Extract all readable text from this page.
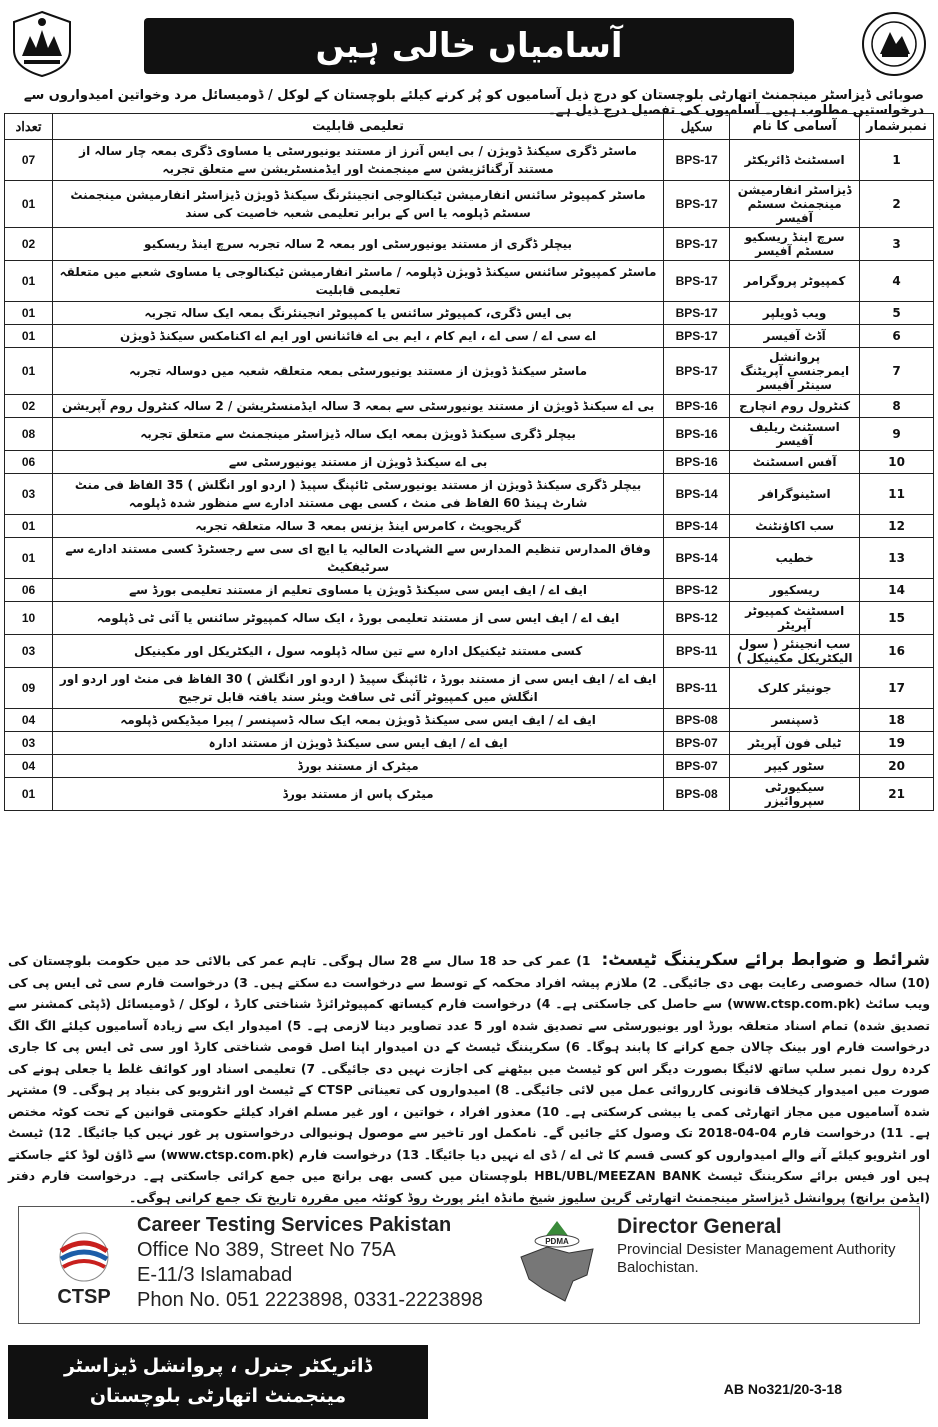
آسامیاں خالی ہیں
صوبائی ڈیزاسٹر مینجمنٹ اتھارٹی بلوچستان کو درج ذیل آسامیوں کو پُر کرنے کیلئے بلوچستان کے لوکل / ڈومیسائل مرد وخواتین امیدواروں سے درخواستیں مطلوب ہیں۔ آسامیوں کی تفصیل درج ذیل ہے۔
نمبرشمار	آسامی کا نام	سکیل	تعلیمی قابلیت	تعداد
1	اسسٹنٹ ڈائریکٹر	BPS-17	ماسٹر ڈگری سیکنڈ ڈویژن / بی ایس آنرز از مستند یونیورسٹی یا مساوی ڈگری بمعہ چار سالہ از مستند آرگنائزیشن سے مینجمنٹ اور ایڈمنسٹریشن سے متعلق تجربہ	07
2	ڈیزاسٹر انفارمیشن مینجمنٹ سسٹم آفیسر	BPS-17	ماسٹر کمپیوٹر سائنس انفارمیشن ٹیکنالوجی انجینئرنگ سیکنڈ ڈویژن ڈیزاسٹر انفارمیشن مینجمنٹ سسٹم ڈپلومہ یا اس کے برابر تعلیمی شعبہ خاصیت کی سند	01
3	سرچ اینڈ ریسکیو سسٹم آفیسر	BPS-17	بیچلر ڈگری از مستند یونیورسٹی اور بمعہ 2 سالہ تجربہ سرچ اینڈ ریسکیو	02
4	کمپیوٹر پروگرامر	BPS-17	ماسٹر کمپیوٹر سائنس سیکنڈ ڈویژن ڈپلومہ / ماسٹر انفارمیشن ٹیکنالوجی یا مساوی شعبے میں متعلقہ تعلیمی قابلیت	01
5	ویب ڈویلپر	BPS-17	بی ایس ڈگری، کمپیوٹر سائنس یا کمپیوٹر انجینئرنگ بمعہ ایک سالہ تجربہ	01
6	آڈٹ آفیسر	BPS-17	اے سی اے / سی اے ، ایم کام ، ایم بی اے فائنانس اور ایم اے اکنامکس سیکنڈ ڈویژن	01
7	پروانشل ایمرجنسی آپریٹنگ سینٹر آفیسر	BPS-17	ماسٹر سیکنڈ ڈویژن از مستند یونیورسٹی بمعہ متعلقہ شعبہ میں دوسالہ تجربہ	01
8	کنٹرول روم انچارج	BPS-16	بی اے سیکنڈ ڈویژن از مستند یونیورسٹی سے بمعہ 3 سالہ ایڈمنسٹریشن / 2 سالہ کنٹرول روم آپریشن	02
9	اسسٹنٹ ریلیف آفیسر	BPS-16	بیچلر ڈگری سیکنڈ ڈویژن بمعہ ایک سالہ ڈیزاسٹر مینجمنٹ سے متعلق تجربہ	08
10	آفس اسسٹنٹ	BPS-16	بی اے سیکنڈ ڈویژن از مستند یونیورسٹی سے	06
11	اسٹینوگرافر	BPS-14	بیچلر ڈگری سیکنڈ ڈویژن از مستند یونیورسٹی ٹائپنگ سپیڈ ( اردو اور انگلش ) 35 الفاظ فی منٹ شارٹ ہینڈ 60 الفاظ فی منٹ ، کسی بھی مستند ادارے سے منظور شدہ ڈپلومہ	03
12	سب اکاؤنٹنٹ	BPS-14	گریجویٹ ، کامرس اینڈ بزنس بمعہ 3 سالہ متعلقہ تجربہ	01
13	خطیب	BPS-14	وفاق المدارس تنظیم المدارس سے الشہادت العالیہ یا ایچ ای سی سے رجسٹرڈ کسی مستند ادارے سے سرٹیفکیٹ	01
14	ریسکیور	BPS-12	ایف اے / ایف ایس سی سیکنڈ ڈویژن یا مساوی تعلیم از مستند تعلیمی بورڈ سے	06
15	اسسٹنٹ کمپیوٹر آپریٹر	BPS-12	ایف اے / ایف ایس سی از مستند تعلیمی بورڈ ، ایک سالہ کمپیوٹر سائنس یا آئی ٹی ڈپلومہ	10
16	سب انجینئر ( سول الیکٹریکل مکینیکل )	BPS-11	کسی مستند ٹیکنیکل ادارہ سے تین سالہ ڈپلومہ سول ، الیکٹریکل اور مکینیکل	03
17	جونیئر کلرک	BPS-11	ایف اے / ایف ایس سی از مستند بورڈ ، ٹائپنگ سپیڈ ( اردو اور انگلش ) 30 الفاظ فی منٹ اور اردو اور انگلش میں کمپیوٹر آئی ٹی سافٹ ویئر سند یافتہ قابل ترجیح	09
18	ڈسپنسر	BPS-08	ایف اے / ایف ایس سی سیکنڈ ڈویژن بمعہ ایک سالہ ڈسپنسر / پیرا میڈیکس ڈپلومہ	04
19	ٹیلی فون آپریٹر	BPS-07	ایف اے / ایف ایس سی سیکنڈ ڈویژن از مستند ادارہ	03
20	سٹور کیپر	BPS-07	میٹرک از مستند بورڈ	04
21	سیکیورٹی سپروائیزر	BPS-08	میٹرک پاس از مستند بورڈ	01
شرائط و ضوابط برائے سکریننگ ٹیسٹ: 1) عمر کی حد 18 سال سے 28 سال ہوگی۔ تاہم عمر کی بالائی حد میں حکومت بلوچستان کی (10) سالہ خصوصی رعایت بھی دی جائیگی۔ 2) ملازم پیشہ افراد محکمہ کے توسط سے درخواست دے سکتے ہیں۔ 3) درخواست فارم سی ٹی ایس پی کی ویب سائٹ (www.ctsp.com.pk) سے حاصل کی جاسکتی ہے۔ 4) درخواست فارم کیساتھ کمپیوٹرائزڈ شناختی کارڈ ، لوکل / ڈومیسائل (ڈپٹی کمشنر سے تصدیق شدہ) تمام اسناد متعلقہ بورڈ اور یونیورسٹی سے تصدیق شدہ اور 5 عدد تصاویر دینا لازمی ہے۔ 5) امیدوار ایک سے زیادہ آسامیوں کیلئے الگ الگ درخواست فارم اور بینک چالان جمع کرانے کا پابند ہوگا۔ 6) سکریننگ ٹیسٹ کے دن امیدوار اپنا اصل قومی شناختی کارڈ اور سی ٹی ایس پی کا جاری کردہ رول نمبر سلپ ساتھ لائیگا بصورت دیگر اس کو ٹیسٹ میں بیٹھنے کی اجازت نہیں دی جائیگی۔ 7) تعلیمی اسناد اور کوائف غلط یا جعلی ہونے کی صورت میں امیدوار کیخلاف قانونی کارروائی عمل میں لائی جائیگی۔ 8) امیدواروں کی تعیناتی CTSP کے ٹیسٹ اور انٹرویو کی بنیاد پر ہوگی۔ 9) مشتہر شدہ آسامیوں میں مجاز اتھارٹی کمی یا بیشی کرسکتی ہے۔ 10) معذور افراد ، خواتین ، اور غیر مسلم افراد کیلئے حکومتی قوانین کے تحت کوٹہ مختص ہے۔ 11) درخواست فارم 04-04-2018 تک وصول کئے جائیں گے۔ نامکمل اور تاخیر سے موصول ہونیوالی درخواستوں پر غور نہیں کیا جائیگا۔ 12) ٹیسٹ اور انٹرویو کیلئے آنے والے امیدواروں کو کسی قسم کا ٹی اے / ڈی اے نہیں دیا جائیگا۔ 13) درخواست فارم (www.ctsp.com.pk) سے ڈاؤن لوڈ کئے جاسکتے ہیں اور فیس برائے سکریننگ ٹیسٹ HBL/UBL/MEEZAN BANK بلوچستان میں کسی بھی برانچ میں جمع کرائی جاسکتی ہے۔ درخواست فارم دفتر (ایڈمن برانچ) پروانشل ڈیزاسٹر مینجمنٹ اتھارٹی گرین سلیوز شیخ مانڈہ ایئر پورٹ روڈ کوئٹہ میں مقررہ تاریخ تک جمع کرانی ہوگی۔
CTSP
Career Testing Services Pakistan
Office No 389, Street No 75A
E-11/3 Islamabad
Phon No. 051 2223898, 0331-2223898
PDMA
Director General
Provincial Desister Management Authority
Balochistan.
ڈائریکٹر جنرل ، پروانشل ڈیزاسٹر
مینجمنٹ اتھارٹی بلوچستان	AB No321/20-3-18
